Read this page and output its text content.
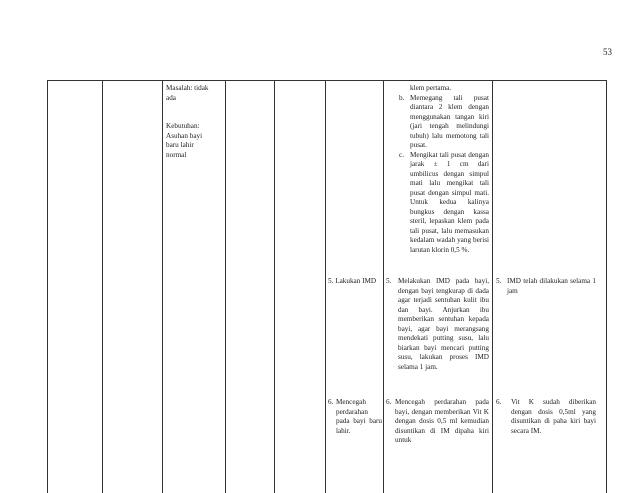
53

Masalah: tidak

ada

Kebutuhan:

Asuhan bayi

baru lahir

normal

klem pertama.

b. Memegang tali pusat diantara 2 klem dengan menggunakan tangan kiri (jari tengah melindungi tubuh) lalu memotong tali pusat.
c. Mengikat tali pusat dengan jarak ± 1 cm dari umbilicus dengan simpul mati lalu mengikat tali pusat dengan simpul mati. Untuk kedua kalinya bungkus dengan kassa steril, lepaskan klem pada tali pusat, lalu memasukan kedalam wadah yang berisi larutan klorin 0,5 %.

5. Lakukan IMD	5. Melakukan IMD pada bayi, dengan bayi tengkurap di dada agar terjadi sentuhan kulit ibu dan bayi. Anjurkan ibu memberikan sentuhan kepada bayi, agar bayi merangsang mendekati putting susu, lalu biarkan bayi mencari putting susu, lakukan proses IMD selama 1 jam.
5. IMD telah dilakukan selama 1 jam
6. Mencegah perdarahan pada bayi baru lahir.
6. Mencegah perdarahan pada bayi, dengan memberikan Vit K dengan dosis 0,5 ml kemudian disuntikan di IM dipaha kiri untuk
6.	Vit K sudah diberikan dengan dosis 0,5ml yang disuntikan di paha kiri bayi secara IM.
